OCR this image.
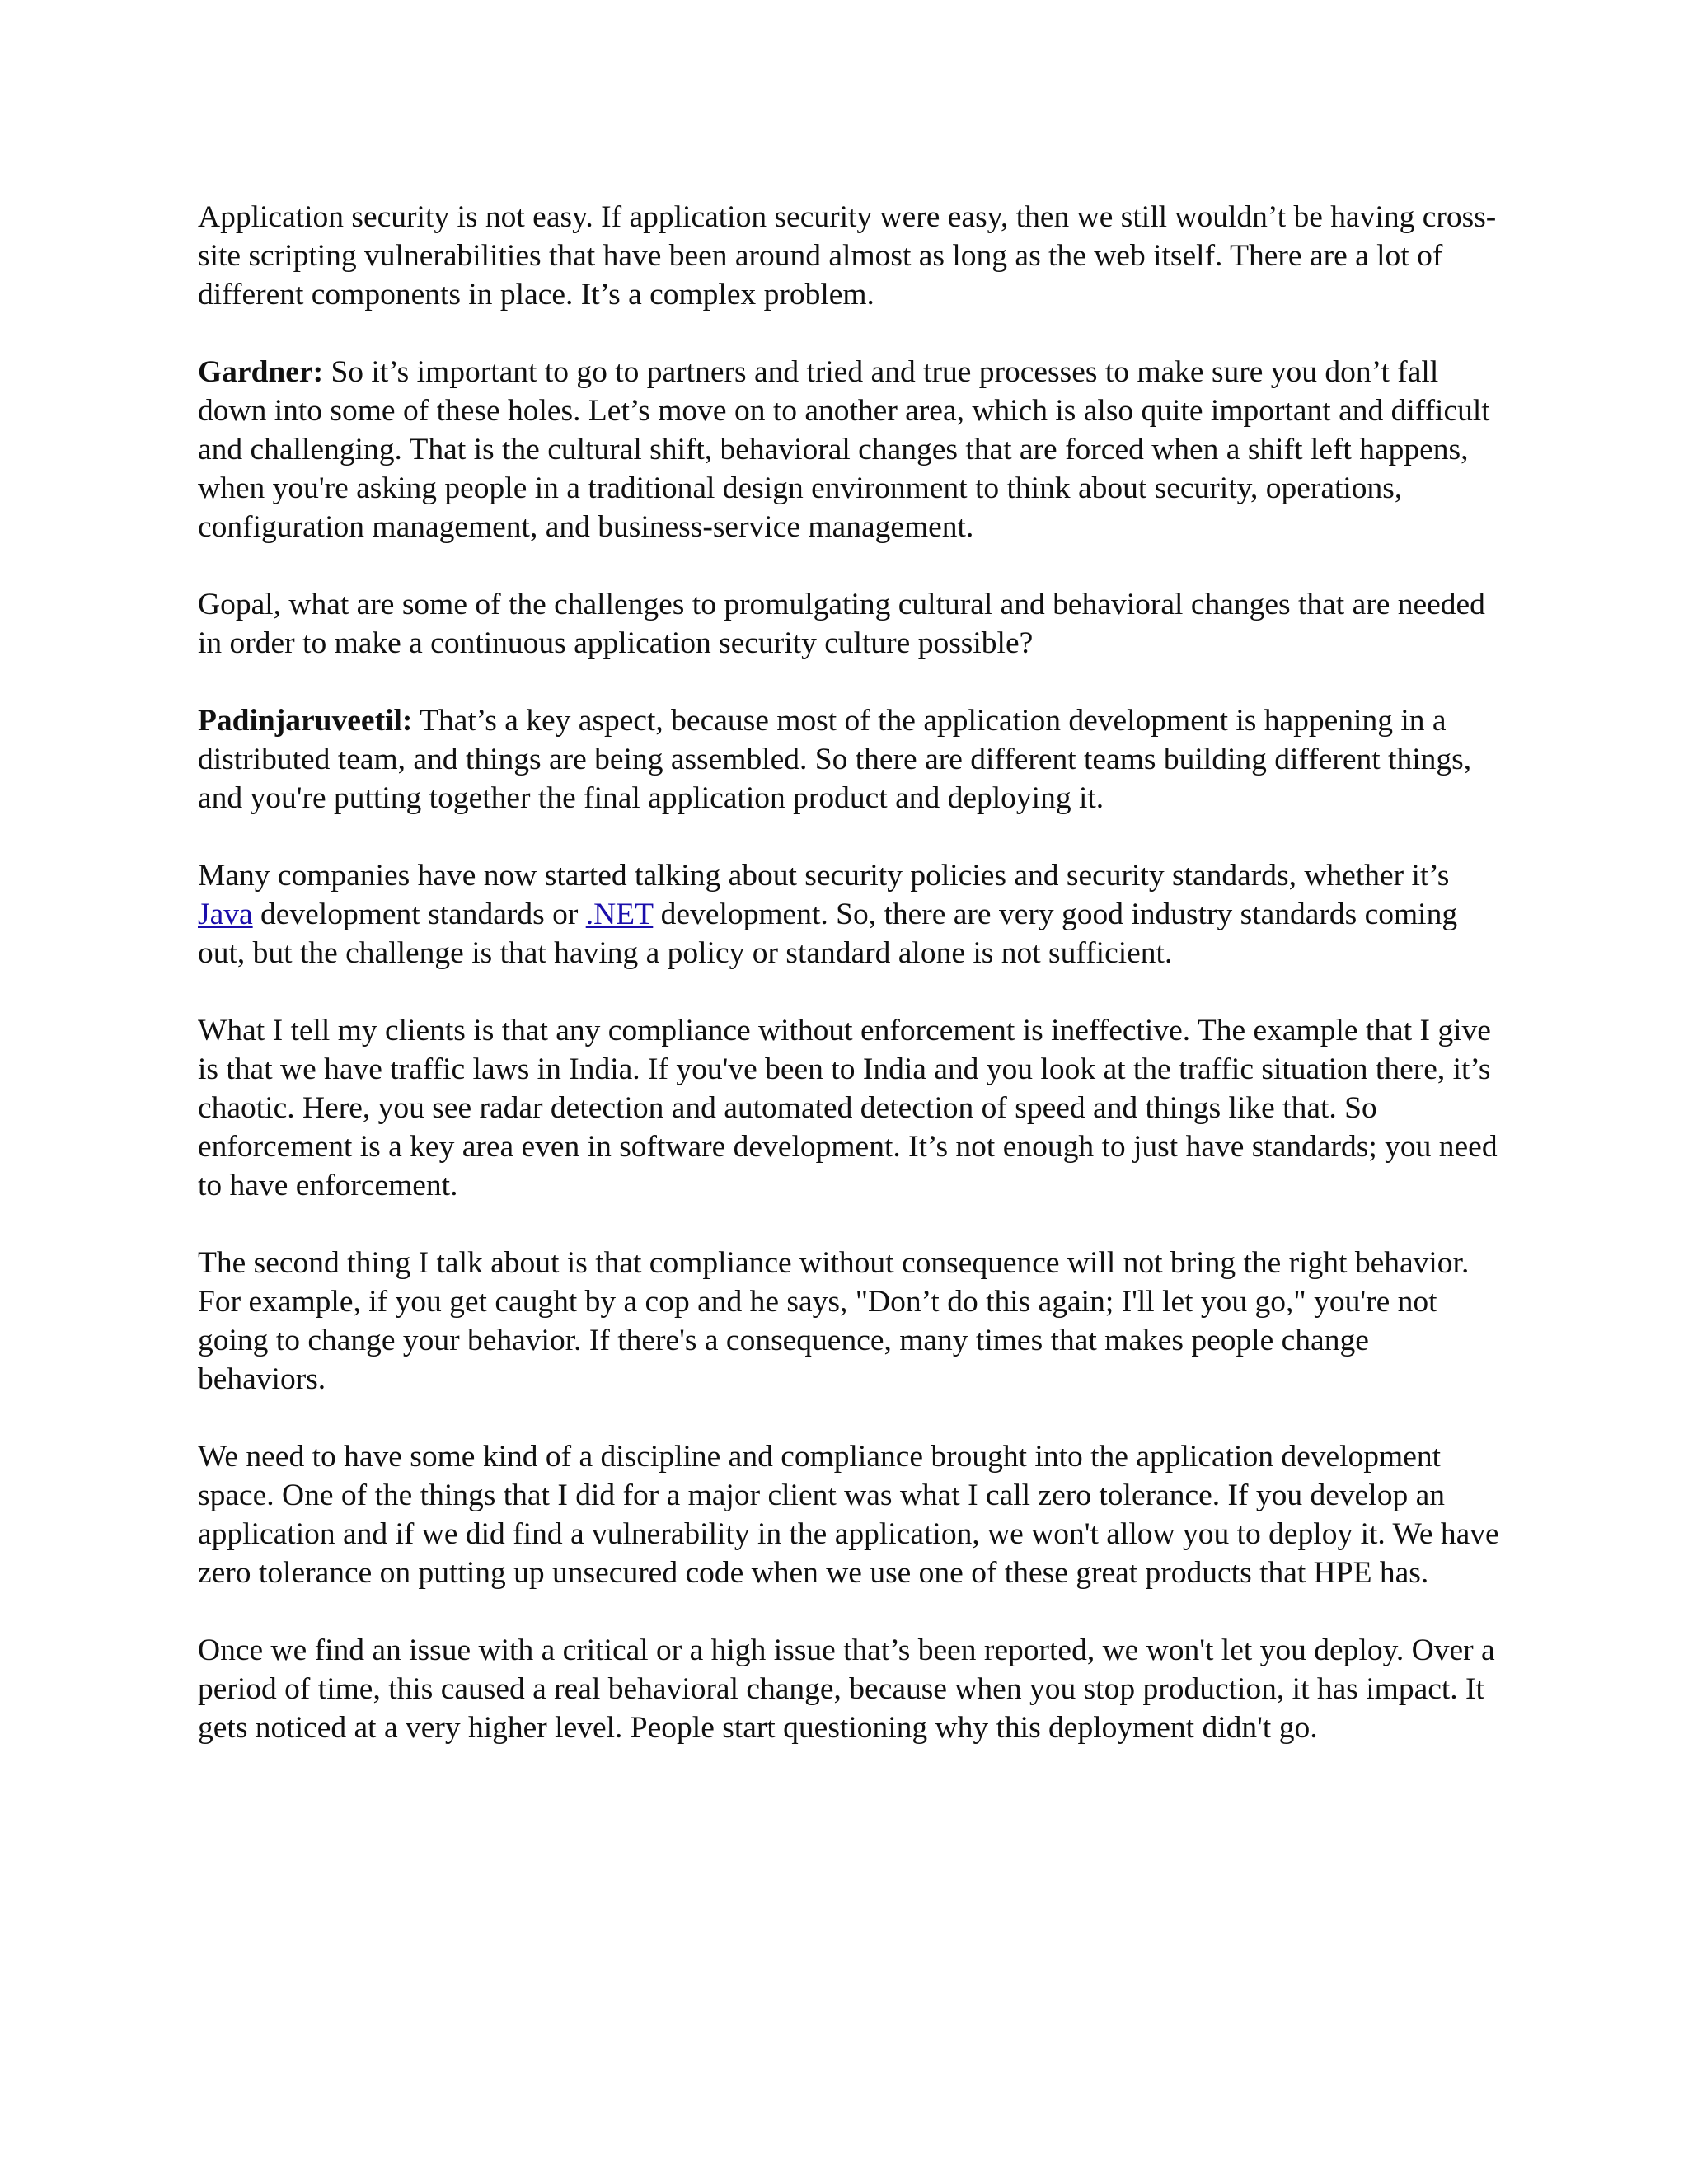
Application security is not easy. If application security were easy, then we still wouldn’t be having cross-site scripting vulnerabilities that have been around almost as long as the web itself. There are a lot of different components in place. It’s a complex problem.

Gardner: So it’s important to go to partners and tried and true processes to make sure you don’t fall down into some of these holes. Let’s move on to another area, which is also quite important and difficult and challenging. That is the cultural shift, behavioral changes that are forced when a shift left happens, when you're asking people in a traditional design environment to think about security, operations, configuration management, and business-service management.

Gopal, what are some of the challenges to promulgating cultural and behavioral changes that are needed in order to make a continuous application security culture possible?

Padinjaruveetil: That’s a key aspect, because most of the application development is happening in a distributed team, and things are being assembled. So there are different teams building different things, and you're putting together the final application product and deploying it.

Many companies have now started talking about security policies and security standards, whether it’s Java development standards or .NET development. So, there are very good industry standards coming out, but the challenge is that having a policy or standard alone is not sufficient.

What I tell my clients is that any compliance without enforcement is ineffective. The example that I give is that we have traffic laws in India. If you've been to India and you look at the traffic situation there, it’s chaotic. Here, you see radar detection and automated detection of speed and things like that. So enforcement is a key area even in software development. It’s not enough to just have standards; you need to have enforcement.

The second thing I talk about is that compliance without consequence will not bring the right behavior. For example, if you get caught by a cop and he says, "Don’t do this again; I'll let you go," you're not going to change your behavior. If there's a consequence, many times that makes people change behaviors.

We need to have some kind of a discipline and compliance brought into the application development space. One of the things that I did for a major client was what I call zero tolerance. If you develop an application and if we did find a vulnerability in the application, we won't allow you to deploy it. We have zero tolerance on putting up unsecured code when we use one of these great products that HPE has.

Once we find an issue with a critical or a high issue that’s been reported, we won't let you deploy. Over a period of time, this caused a real behavioral change, because when you stop production, it has impact. It gets noticed at a very higher level. People start questioning why this deployment didn't go.
